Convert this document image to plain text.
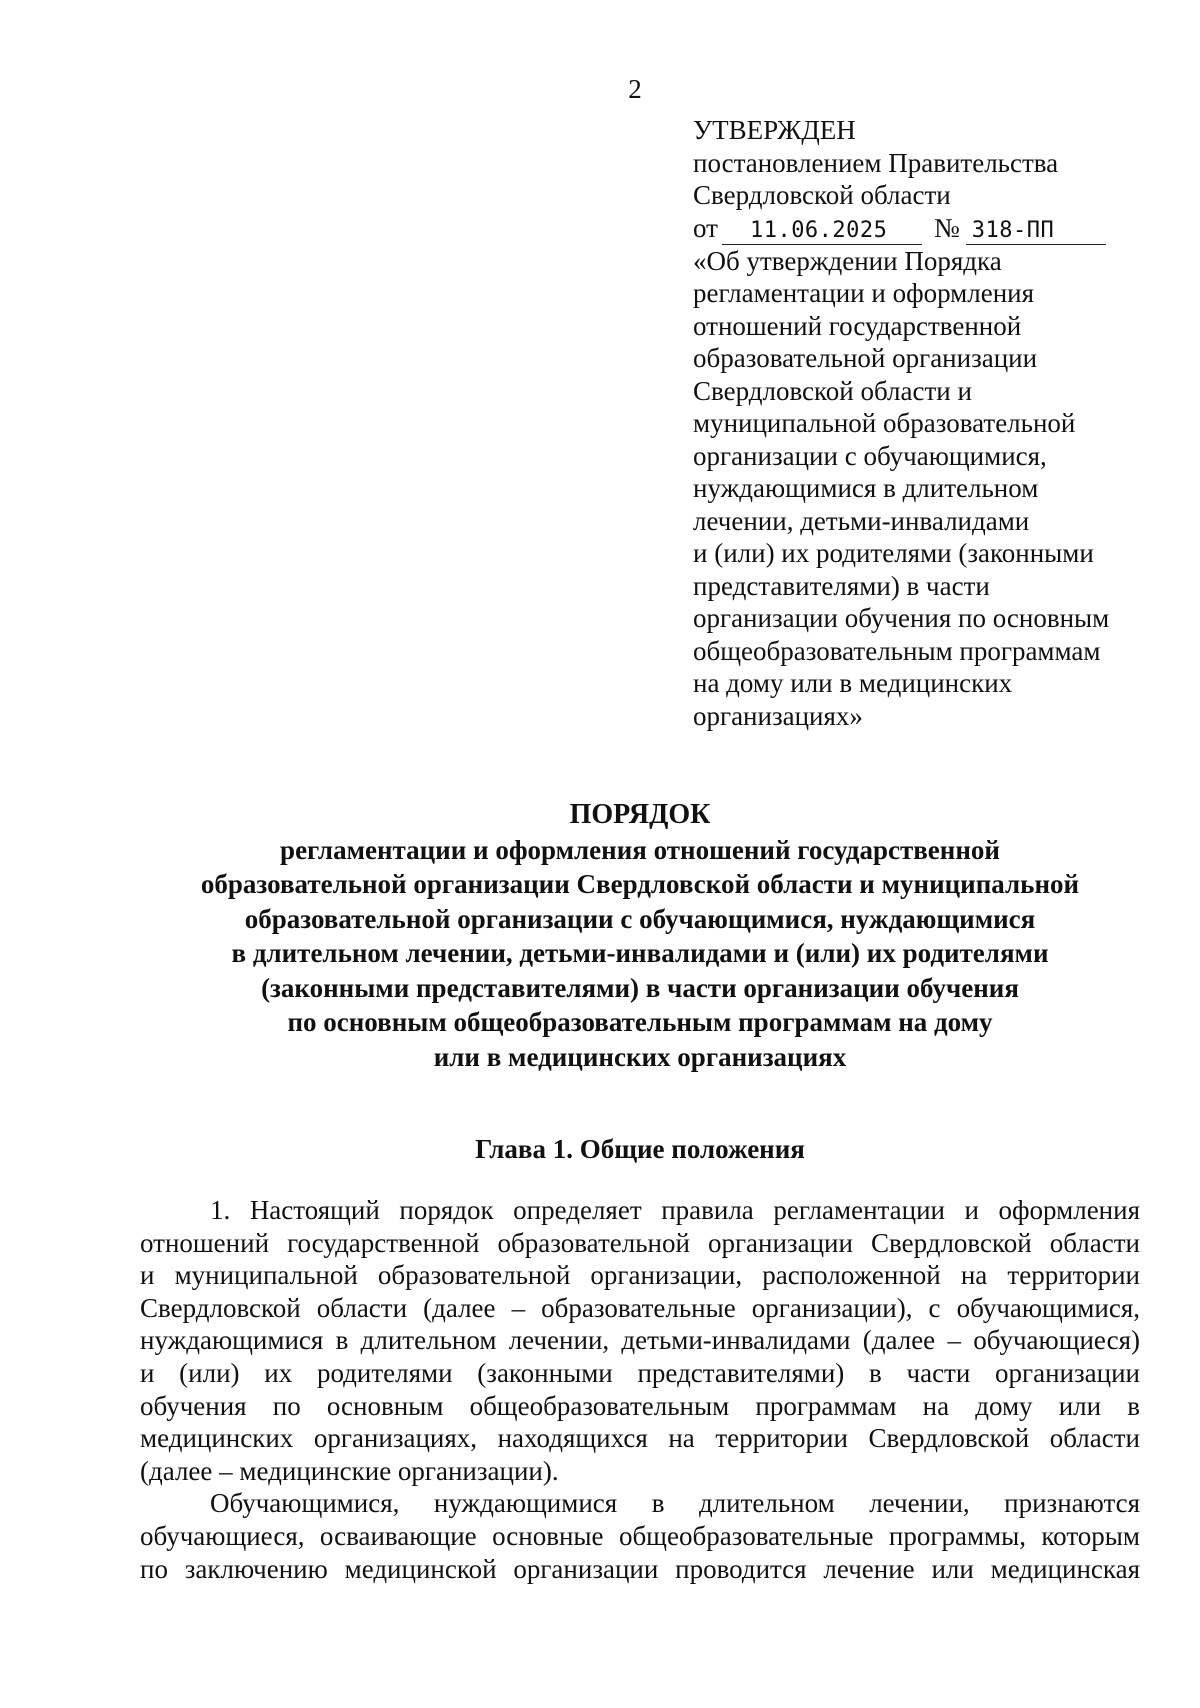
2
УТВЕРЖДЕН
постановлением Правительства
Свердловской области
от 11.06.2025 № 318-ПП
«Об утверждении Порядка
регламентации и оформления
отношений государственной
образовательной организации
Свердловской области и
муниципальной образовательной
организации с обучающимися,
нуждающимися в длительном
лечении, детьми-инвалидами
и (или) их родителями (законными
представителями) в части
организации обучения по основным
общеобразовательным программам
на дому или в медицинских
организациях»
ПОРЯДОК
регламентации и оформления отношений государственной
образовательной организации Свердловской области и муниципальной
образовательной организации с обучающимися, нуждающимися
в длительном лечении, детьми-инвалидами и (или) их родителями
(законными представителями) в части организации обучения
по основным общеобразовательным программам на дому
или в медицинских организациях
Глава 1. Общие положения
1. Настоящий порядок определяет правила регламентации и оформления
отношений государственной образовательной организации Свердловской области
и муниципальной образовательной организации, расположенной на территории
Свердловской области (далее – образовательные организации), с обучающимися,
нуждающимися в длительном лечении, детьми-инвалидами (далее – обучающиеся)
и (или) их родителями (законными представителями) в части организации
обучения по основным общеобразовательным программам на дому или в
медицинских организациях, находящихся на территории Свердловской области
(далее – медицинские организации).
Обучающимися, нуждающимися в длительном лечении, признаются
обучающиеся, осваивающие основные общеобразовательные программы, которым
по заключению медицинской организации проводится лечение или медицинская
